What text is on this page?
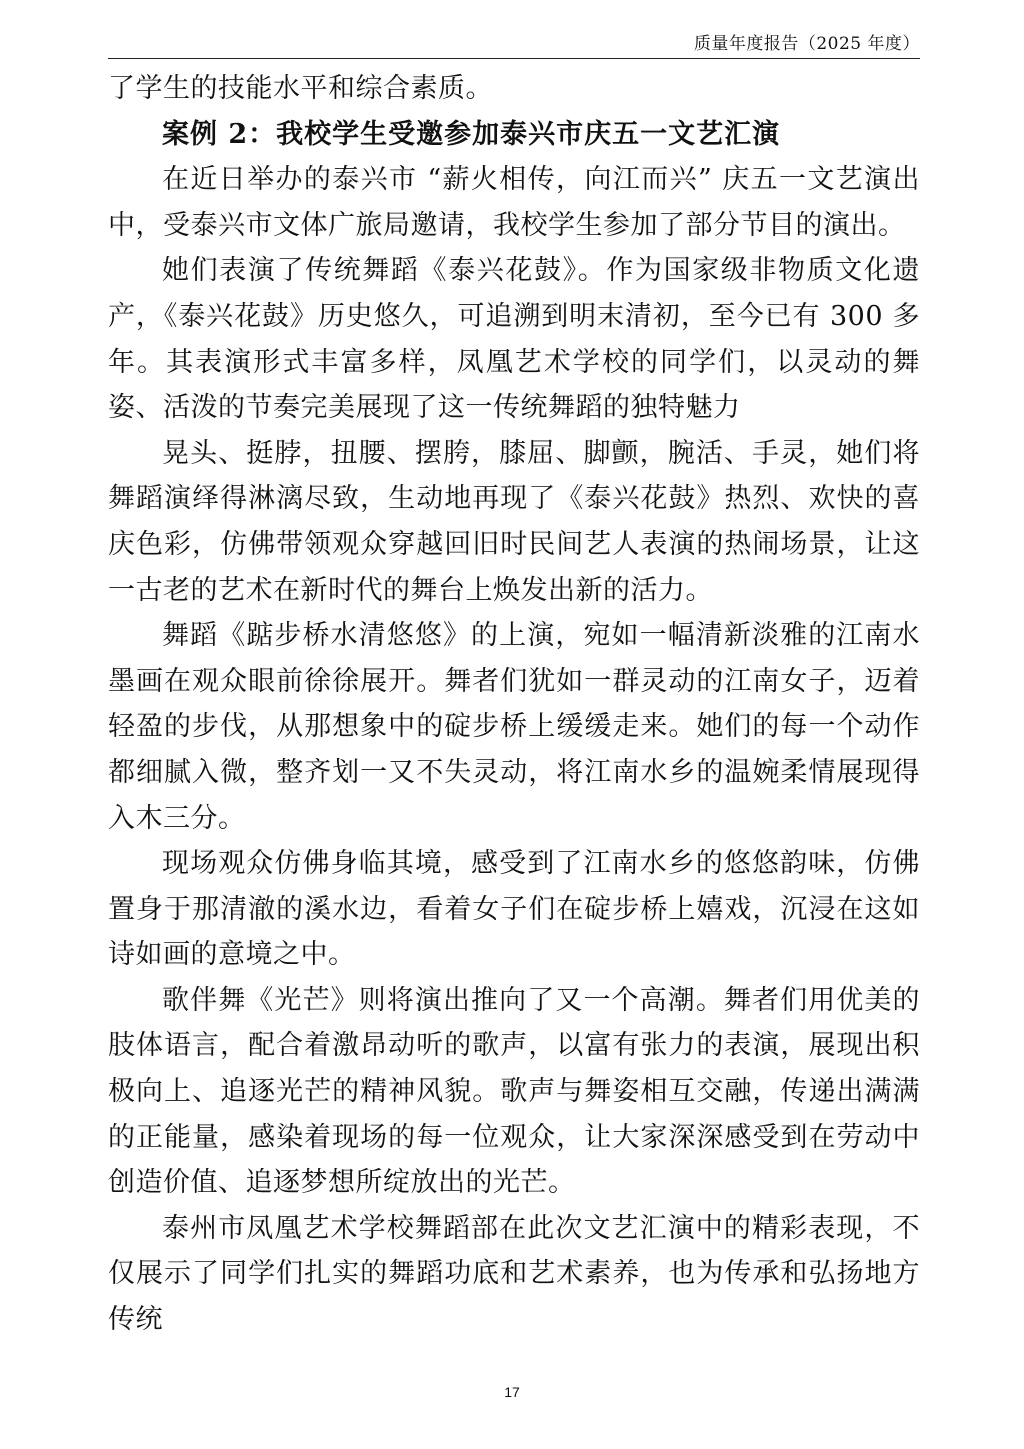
质量年度报告（2025 年度）

了学生的技能水平和综合素质。

案例 2：我校学生受邀参加泰兴市庆五一文艺汇演

在近日举办的泰兴市 “薪火相传，向江而兴” 庆五一文艺演出中，受泰兴市文体广旅局邀请，我校学生参加了部分节目的演出。

她们表演了传统舞蹈《泰兴花鼓》。作为国家级非物质文化遗产，《泰兴花鼓》历史悠久，可追溯到明末清初，至今已有 300 多年。其表演形式丰富多样，凤凰艺术学校的同学们，以灵动的舞姿、活泼的节奏完美展现了这一传统舞蹈的独特魅力

晃头、挺脖，扭腰、摆胯，膝屈、脚颤，腕活、手灵，她们将舞蹈演绎得淋漓尽致，生动地再现了《泰兴花鼓》热烈、欢快的喜庆色彩，仿佛带领观众穿越回旧时民间艺人表演的热闹场景，让这一古老的艺术在新时代的舞台上焕发出新的活力。

舞蹈《踮步桥水清悠悠》的上演，宛如一幅清新淡雅的江南水墨画在观众眼前徐徐展开。舞者们犹如一群灵动的江南女子，迈着轻盈的步伐，从那想象中的碇步桥上缓缓走来。她们的每一个动作都细腻入微，整齐划一又不失灵动，将江南水乡的温婉柔情展现得入木三分。

现场观众仿佛身临其境，感受到了江南水乡的悠悠韵味，仿佛置身于那清澈的溪水边，看着女子们在碇步桥上嬉戏，沉浸在这如诗如画的意境之中。

歌伴舞《光芒》则将演出推向了又一个高潮。舞者们用优美的肢体语言，配合着激昂动听的歌声，以富有张力的表演，展现出积极向上、追逐光芒的精神风貌。歌声与舞姿相互交融，传递出满满的正能量，感染着现场的每一位观众，让大家深深感受到在劳动中创造价值、追逐梦想所绽放出的光芒。

泰州市凤凰艺术学校舞蹈部在此次文艺汇演中的精彩表现，不仅展示了同学们扎实的舞蹈功底和艺术素养，也为传承和弘扬地方传统

17
